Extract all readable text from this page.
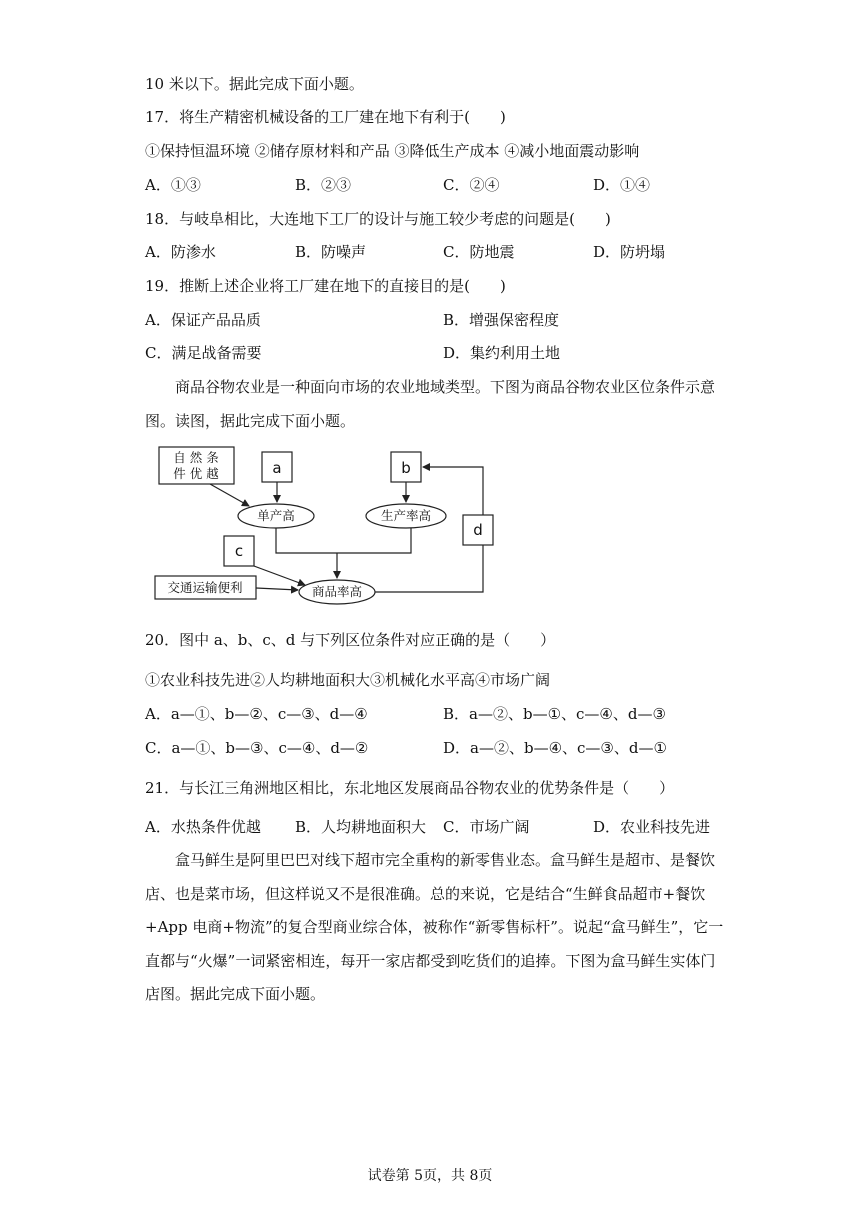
10 米以下。据此完成下面小题。
17．将生产精密机械设备的工厂建在地下有利于(　　)
①保持恒温环境 ②储存原材料和产品 ③降低生产成本 ④减小地面震动影响
A．①③	B．②③	C．②④	D．①④
18．与岐阜相比，大连地下工厂的设计与施工较少考虑的问题是(　　)
A．防渗水	B．防噪声	C．防地震	D．防坍塌
19．推断上述企业将工厂建在地下的直接目的是(　　)
A．保证产品品质	B．增强保密程度
C．满足战备需要	D．集约利用土地
商品谷物农业是一种面向市场的农业地域类型。下图为商品谷物农业区位条件示意图。读图，据此完成下面小题。
自 然 条
件 优 越	a	b
c
d
交通运输便利
单产高	生产率高
商品率高
20．图中 a、b、c、d 与下列区位条件对应正确的是（　　）
①农业科技先进②人均耕地面积大③机械化水平高④市场广阔
A．a—①、b—②、c—③、d—④	B．a—②、b—①、c—④、d—③
C．a—①、b—③、c—④、d—②	D．a—②、b—④、c—③、d—①
21．与长江三角洲地区相比，东北地区发展商品谷物农业的优势条件是（　　）
A．水热条件优越 B．人均耕地面积大 C．市场广阔	D．农业科技先进
盒马鲜生是阿里巴巴对线下超市完全重构的新零售业态。盒马鲜生是超市、是餐饮店、也是菜市场，但这样说又不是很准确。总的来说，它是结合“生鲜食品超市+餐饮+App 电商+物流”的复合型商业综合体，被称作“新零售标杆”。说起“盒马鲜生”，它一直都与“火爆”一词紧密相连，每开一家店都受到吃货们的追捧。下图为盒马鲜生实体门店图。据此完成下面小题。
试卷第 5页，共 8页
